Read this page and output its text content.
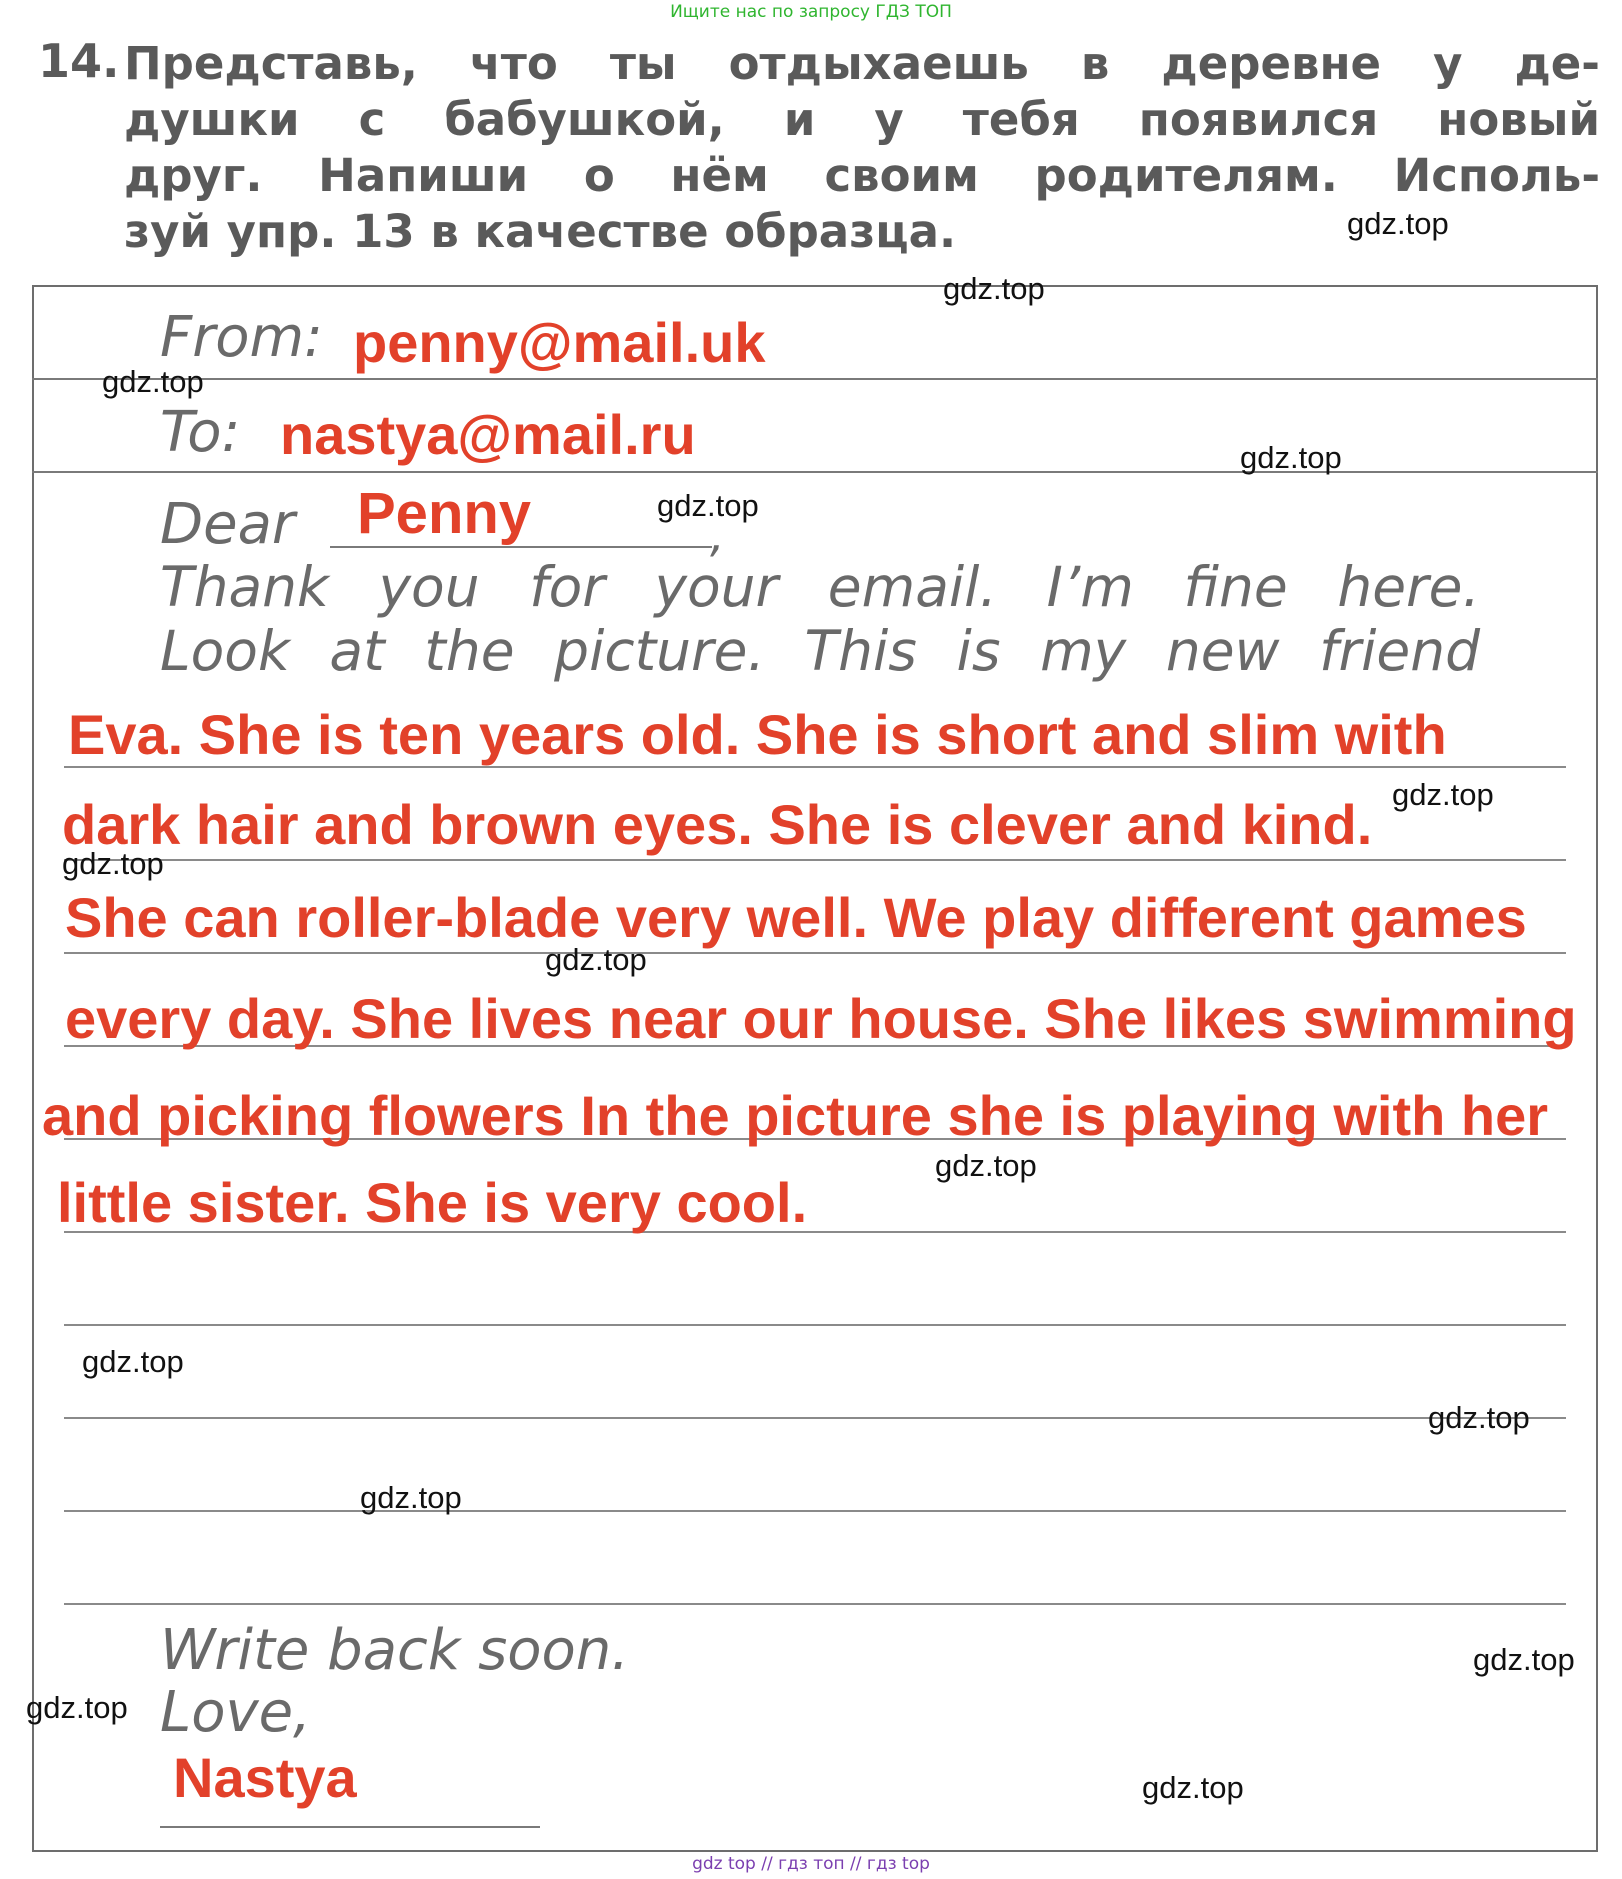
Ищите нас по запросу ГДЗ ТОП
14. Представь, что ты отдыхаешь в деревне у де-
душки с бабушкой, и у тебя появился новый
друг. Напиши о нём своим родителям. Исполь-
зуй упр. 13 в качестве образца.
From: penny@mail.uk
To: nastya@mail.ru
Dear Penny	,
Thank you for your email. I’m fine here.
Look at the picture. This is my new friend
Eva. She is ten years old. She is short and slim with
dark hair and brown eyes. She is clever and kind.
She can roller-blade very well. We play different games
every day. She lives near our house. She likes swimming
and picking flowers In the picture she is playing with her
little sister. She is very cool.
Write back soon.
Love,
Nastya
gdz.top
gdz.top
gdz.top
gdz.top
gdz.top
gdz.top
gdz.top
gdz.top
gdz.top
gdz.top
gdz.top
gdz.top
gdz.top
gdz.top
gdz.top
gdz top // гдз топ // гдз top
